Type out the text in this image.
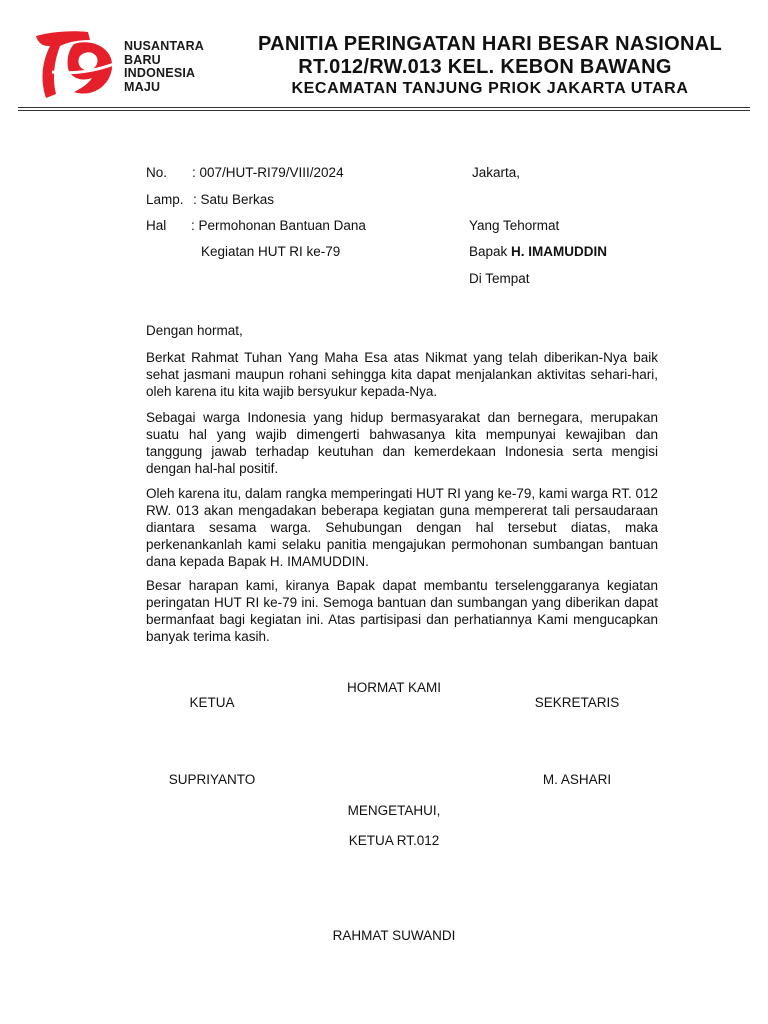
NUSANTARA
BARU
INDONESIA
MAJU
PANITIA PERINGATAN HARI BESAR NASIONAL
RT.012/RW.013 KEL. KEBON BAWANG
KECAMATAN TANJUNG PRIOK JAKARTA UTARA
No. : 007/HUT-RI79/VIII/2024
Lamp. : Satu Berkas
Hal : Permohonan Bantuan Dana
Kegiatan HUT RI ke-79
Jakarta,
Yang Tehormat
Bapak H. IMAMUDDIN
Di Tempat
Dengan hormat,
Berkat Rahmat Tuhan Yang Maha Esa atas Nikmat yang telah diberikan-Nya baik sehat jasmani maupun rohani sehingga kita dapat menjalankan aktivitas sehari-hari, oleh karena itu kita wajib bersyukur kepada-Nya.
Sebagai warga Indonesia yang hidup bermasyarakat dan bernegara, merupakan suatu hal yang wajib dimengerti bahwasanya kita mempunyai kewajiban dan tanggung jawab terhadap keutuhan dan kemerdekaan Indonesia serta mengisi dengan hal-hal positif.
Oleh karena itu, dalam rangka memperingati HUT RI yang ke-79, kami warga RT. 012 RW. 013 akan mengadakan beberapa kegiatan guna mempererat tali persaudaraan diantara sesama warga. Sehubungan dengan hal tersebut diatas, maka perkenankanlah kami selaku panitia mengajukan permohonan sumbangan bantuan dana kepada Bapak H. IMAMUDDIN.
Besar harapan kami, kiranya Bapak dapat membantu terselenggaranya kegiatan peringatan HUT RI ke-79 ini. Semoga bantuan dan sumbangan yang diberikan dapat bermanfaat bagi kegiatan ini. Atas partisipasi dan perhatiannya Kami mengucapkan banyak terima kasih.
HORMAT KAMI
KETUA	SEKRETARIS
SUPRIYANTO	M. ASHARI
MENGETAHUI,
KETUA RT.012
RAHMAT SUWANDI
